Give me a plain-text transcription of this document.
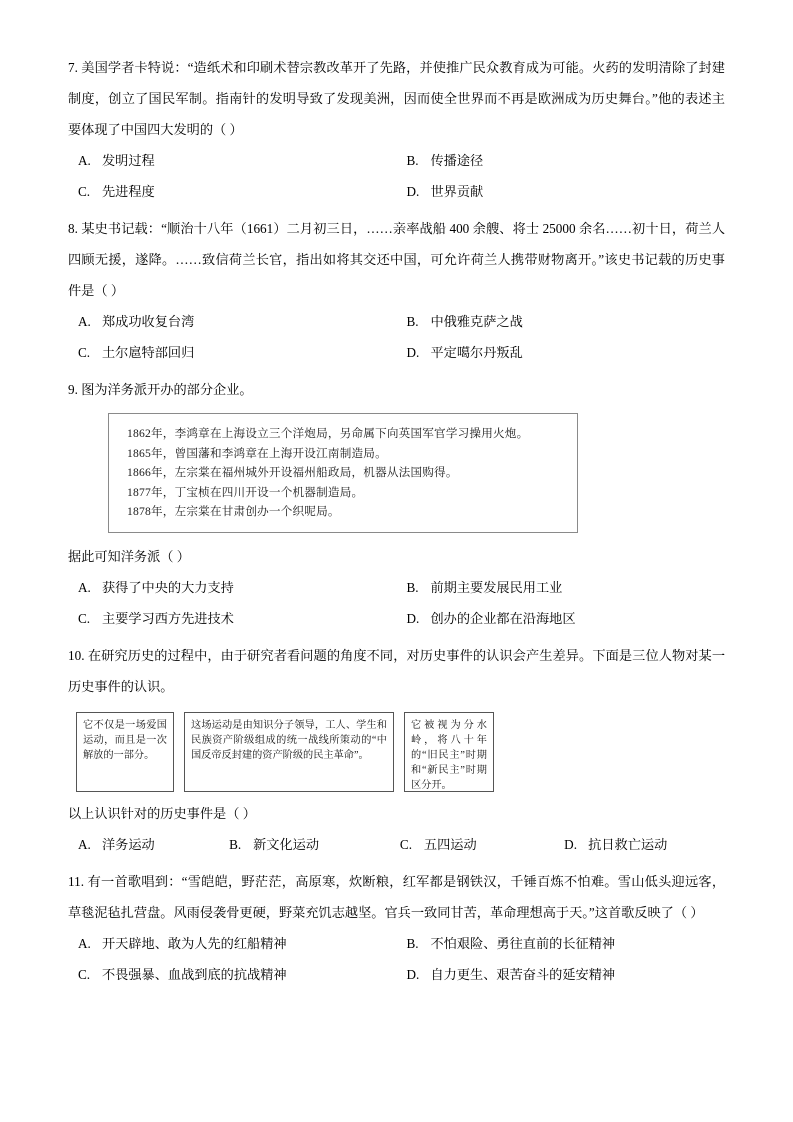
7. 美国学者卡特说：“造纸术和印刷术替宗教改革开了先路，并使推广民众教育成为可能。火药的发明清除了封建制度，创立了国民军制。指南针的发明导致了发现美洲，因而使全世界而不再是欧洲成为历史舞台。”他的表述主要体现了中国四大发明的（ ）
A. 发明过程	B. 传播途径
C. 先进程度	D. 世界贡献
8. 某史书记载：“顺治十八年（1661）二月初三日，……亲率战船 400 余艘、将士 25000 余名……初十日，荷兰人四顾无援，遂降。……致信荷兰长官，指出如将其交还中国，可允许荷兰人携带财物离开。”该史书记载的历史事件是（ ）
A. 郑成功收复台湾	B. 中俄雅克萨之战
C. 土尔扈特部回归	D. 平定噶尔丹叛乱
9. 图为洋务派开办的部分企业。
1862年，李鸿章在上海设立三个洋炮局，另命属下向英国军官学习操用火炮。
1865年，曾国藩和李鸿章在上海开设江南制造局。
1866年，左宗棠在福州城外开设福州船政局，机器从法国购得。
1877年，丁宝桢在四川开设一个机器制造局。
1878年，左宗棠在甘肃创办一个织呢局。
据此可知洋务派（ ）
A. 获得了中央的大力支持	B. 前期主要发展民用工业
C. 主要学习西方先进技术	D. 创办的企业都在沿海地区
10. 在研究历史的过程中，由于研究者看问题的角度不同，对历史事件的认识会产生差异。下面是三位人物对某一历史事件的认识。
它不仅是一场爱国运动，而且是一次解放的一部分。
这场运动是由知识分子领导，工人、学生和民族资产阶级组成的统一战线所策动的“中国反帝反封建的资产阶级的民主革命”。
它被视为分水岭，将八十年的“旧民主”时期和“新民主”时期区分开。
以上认识针对的历史事件是（ ）
A. 洋务运动	B. 新文化运动	C. 五四运动	D. 抗日救亡运动
11. 有一首歌唱到：“雪皑皑，野茫茫，高原寒，炊断粮，红军都是钢铁汉，千锤百炼不怕难。雪山低头迎远客，草毯泥毡扎营盘。风雨侵袭骨更硬，野菜充饥志越坚。官兵一致同甘苦，革命理想高于天。”这首歌反映了（ ）
A. 开天辟地、敢为人先的红船精神	B. 不怕艰险、勇往直前的长征精神
C. 不畏强暴、血战到底的抗战精神	D. 自力更生、艰苦奋斗的延安精神
